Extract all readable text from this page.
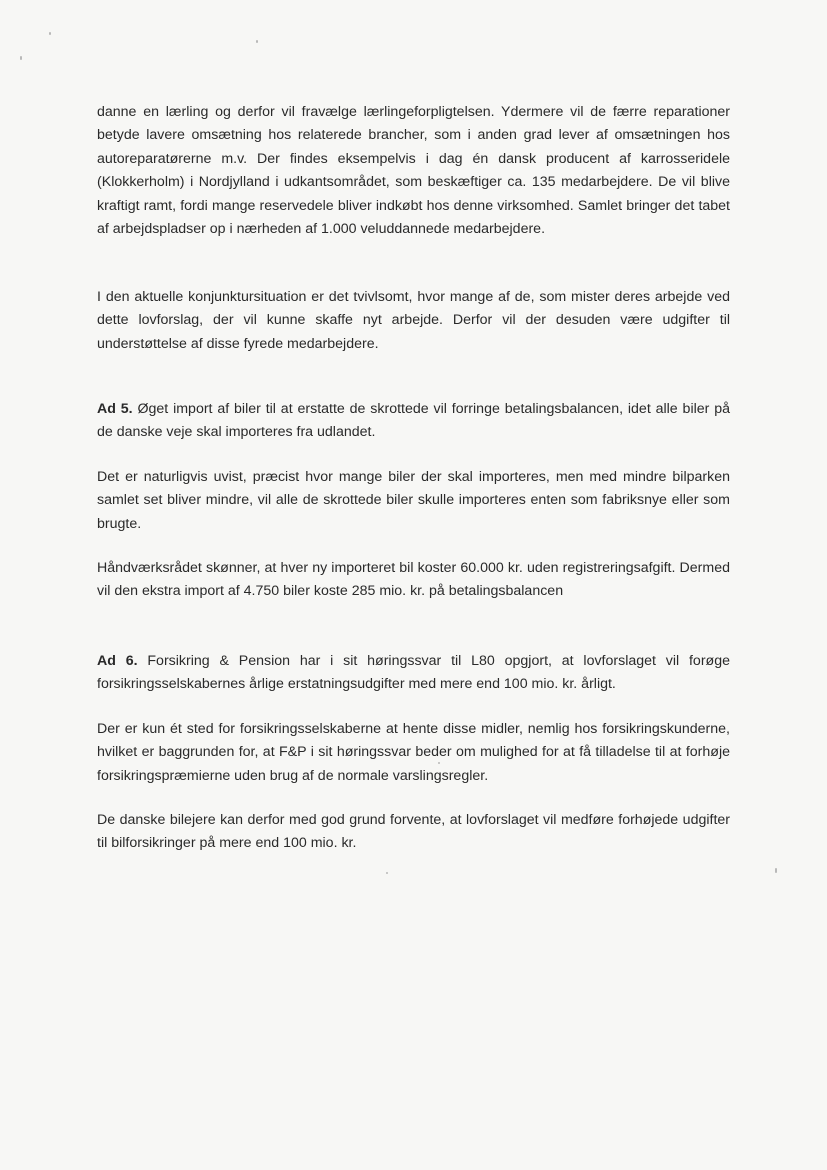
danne en lærling og derfor vil fravælge lærlingeforpligtelsen. Ydermere vil de færre reparationer betyde lavere omsætning hos relaterede brancher, som i anden grad lever af omsætningen hos autoreparatørerne m.v. Der findes eksempelvis i dag én dansk producent af karrosseridele (Klokkerholm) i Nordjylland i udkantsområdet, som beskæftiger ca. 135 medarbejdere. De vil blive kraftigt ramt, fordi mange reservedele bliver indkøbt hos denne virksomhed. Samlet bringer det tabet af arbejdspladser op i nærheden af 1.000 veluddannede medarbejdere.

I den aktuelle konjunktursituation er det tvivlsomt, hvor mange af de, som mister deres arbejde ved dette lovforslag, der vil kunne skaffe nyt arbejde. Derfor vil der desuden være udgifter til understøttelse af disse fyrede medarbejdere.

Ad 5. Øget import af biler til at erstatte de skrottede vil forringe betalingsbalancen, idet alle biler på de danske veje skal importeres fra udlandet.

Det er naturligvis uvist, præcist hvor mange biler der skal importeres, men med mindre bilparken samlet set bliver mindre, vil alle de skrottede biler skulle importeres enten som fabriksnye eller som brugte.

Håndværksrådet skønner, at hver ny importeret bil koster 60.000 kr. uden registreringsafgift. Dermed vil den ekstra import af 4.750 biler koste 285 mio. kr. på betalingsbalancen

Ad 6. Forsikring & Pension har i sit høringssvar til L80 opgjort, at lovforslaget vil forøge forsikringsselskabernes årlige erstatningsudgifter med mere end 100 mio. kr. årligt.

Der er kun ét sted for forsikringsselskaberne at hente disse midler, nemlig hos forsikringskunderne, hvilket er baggrunden for, at F&P i sit høringssvar beder om mulighed for at få tilladelse til at forhøje forsikringspræmierne uden brug af de normale varslingsregler.

De danske bilejere kan derfor med god grund forvente, at lovforslaget vil medføre forhøjede udgifter til bilforsikringer på mere end 100 mio. kr.
